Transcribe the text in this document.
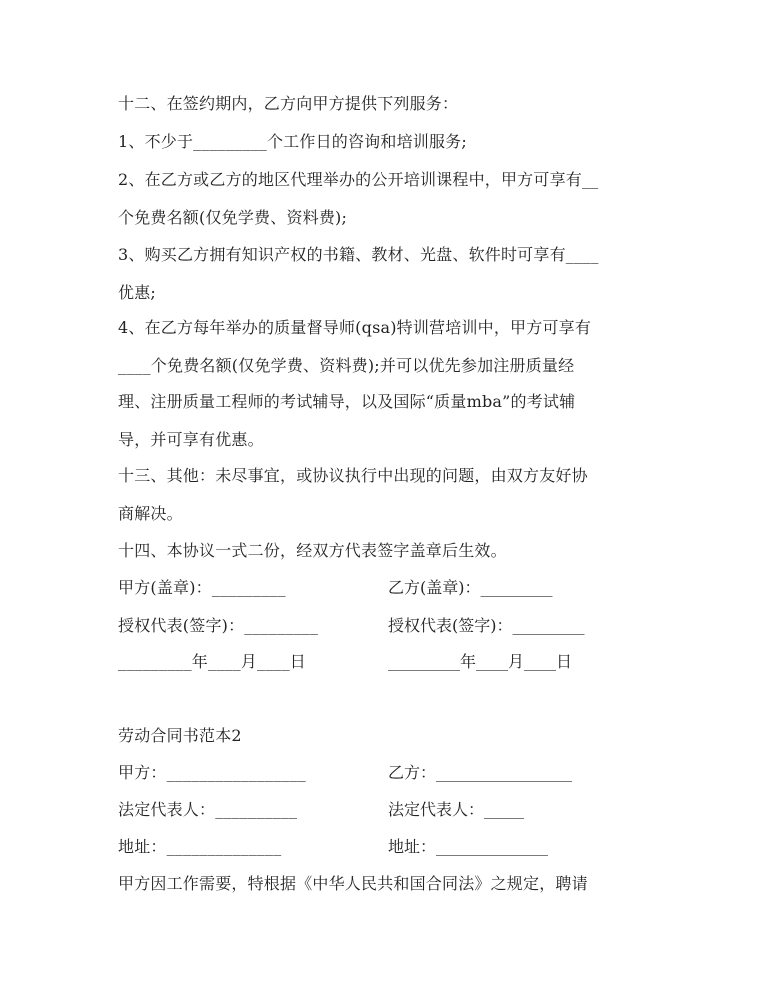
十二、在签约期内，乙方向甲方提供下列服务：
1、不少于_________个工作日的咨询和培训服务;
2、在乙方或乙方的地区代理举办的公开培训课程中，甲方可享有__
个免费名额(仅免学费、资料费);
3、购买乙方拥有知识产权的书籍、教材、光盘、软件时可享有____
优惠;
4、在乙方每年举办的质量督导师(qsa)特训营培训中，甲方可享有
____个免费名额(仅免学费、资料费);并可以优先参加注册质量经
理、注册质量工程师的考试辅导，以及国际“质量mba”的考试辅
导，并可享有优惠。
十三、其他：未尽事宜，或协议执行中出现的问题，由双方友好协
商解决。
十四、本协议一式二份，经双方代表签字盖章后生效。
甲方(盖章)：_________	乙方(盖章)：_________
授权代表(签字)：_________	授权代表(签字)：_________
_________年____月____日	_________年____月____日
劳动合同书范本2
甲方：_________________	乙方：_________________
法定代表人：__________	法定代表人：_____
地址：______________	地址：______________
甲方因工作需要，特根据《中华人民共和国合同法》之规定，聘请
